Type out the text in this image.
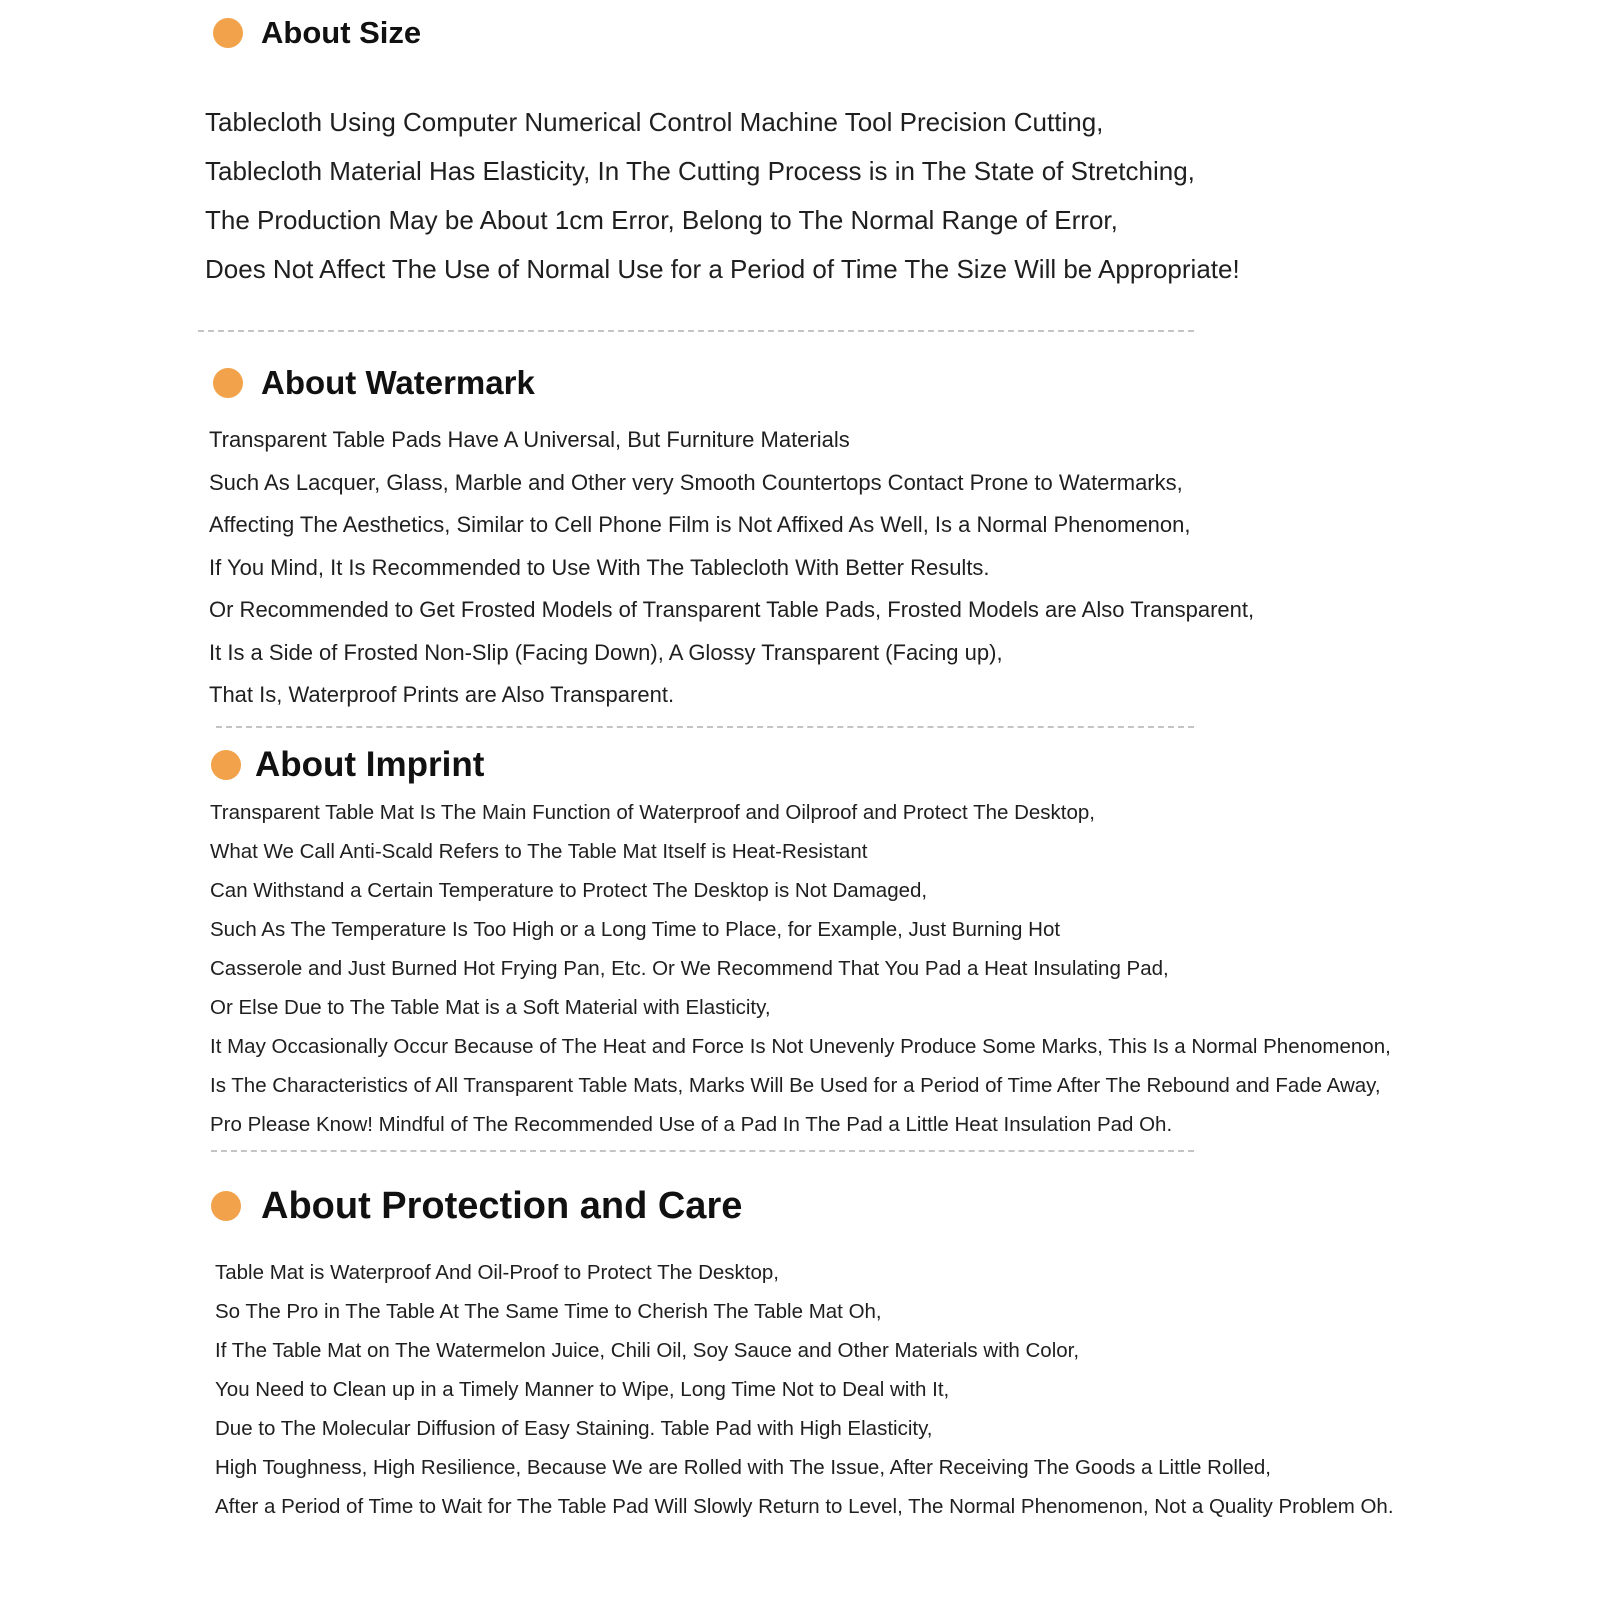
About Size
Tablecloth Using Computer Numerical Control Machine Tool Precision Cutting,
Tablecloth Material Has Elasticity, In The Cutting Process is in The State of Stretching,
The Production May be About 1cm Error, Belong to The Normal Range of Error,
Does Not Affect The Use of Normal Use for a Period of Time The Size Will be Appropriate!
About Watermark
Transparent Table Pads Have A Universal, But Furniture Materials
Such As Lacquer, Glass, Marble and Other very Smooth Countertops Contact Prone to Watermarks,
Affecting The Aesthetics, Similar to Cell Phone Film is Not Affixed As Well, Is a Normal Phenomenon,
If You Mind, It Is Recommended to Use With The Tablecloth With Better Results.
Or Recommended to Get Frosted Models of Transparent Table Pads, Frosted Models are Also Transparent,
It Is a Side of Frosted Non-Slip (Facing Down), A Glossy Transparent (Facing up),
That Is, Waterproof Prints are Also Transparent.
About Imprint
Transparent Table Mat Is The Main Function of Waterproof and Oilproof and Protect The Desktop,
What We Call Anti-Scald Refers to The Table Mat Itself is Heat-Resistant
Can Withstand a Certain Temperature to Protect The Desktop is Not Damaged,
Such As The Temperature Is Too High or a Long Time to Place, for Example, Just Burning Hot
Casserole and Just Burned Hot Frying Pan, Etc. Or We Recommend That You Pad a Heat Insulating Pad,
Or Else Due to The Table Mat is a Soft Material with Elasticity,
It May Occasionally Occur Because of The Heat and Force Is Not Unevenly Produce Some Marks, This Is a Normal Phenomenon,
Is The Characteristics of All Transparent Table Mats, Marks Will Be Used for a Period of Time After The Rebound and Fade Away,
Pro Please Know! Mindful of The Recommended Use of a Pad In The Pad a Little Heat Insulation Pad Oh.
About Protection and Care
Table Mat is Waterproof And Oil-Proof to Protect The Desktop,
So The Pro in The Table At The Same Time to Cherish The Table Mat Oh,
If The Table Mat on The Watermelon Juice, Chili Oil, Soy Sauce and Other Materials with Color,
You Need to Clean up in a Timely Manner to Wipe, Long Time Not to Deal with It,
Due to The Molecular Diffusion of Easy Staining. Table Pad with High Elasticity,
High Toughness, High Resilience, Because We are Rolled with The Issue, After Receiving The Goods a Little Rolled,
After a Period of Time to Wait for The Table Pad Will Slowly Return to Level, The Normal Phenomenon, Not a Quality Problem Oh.
